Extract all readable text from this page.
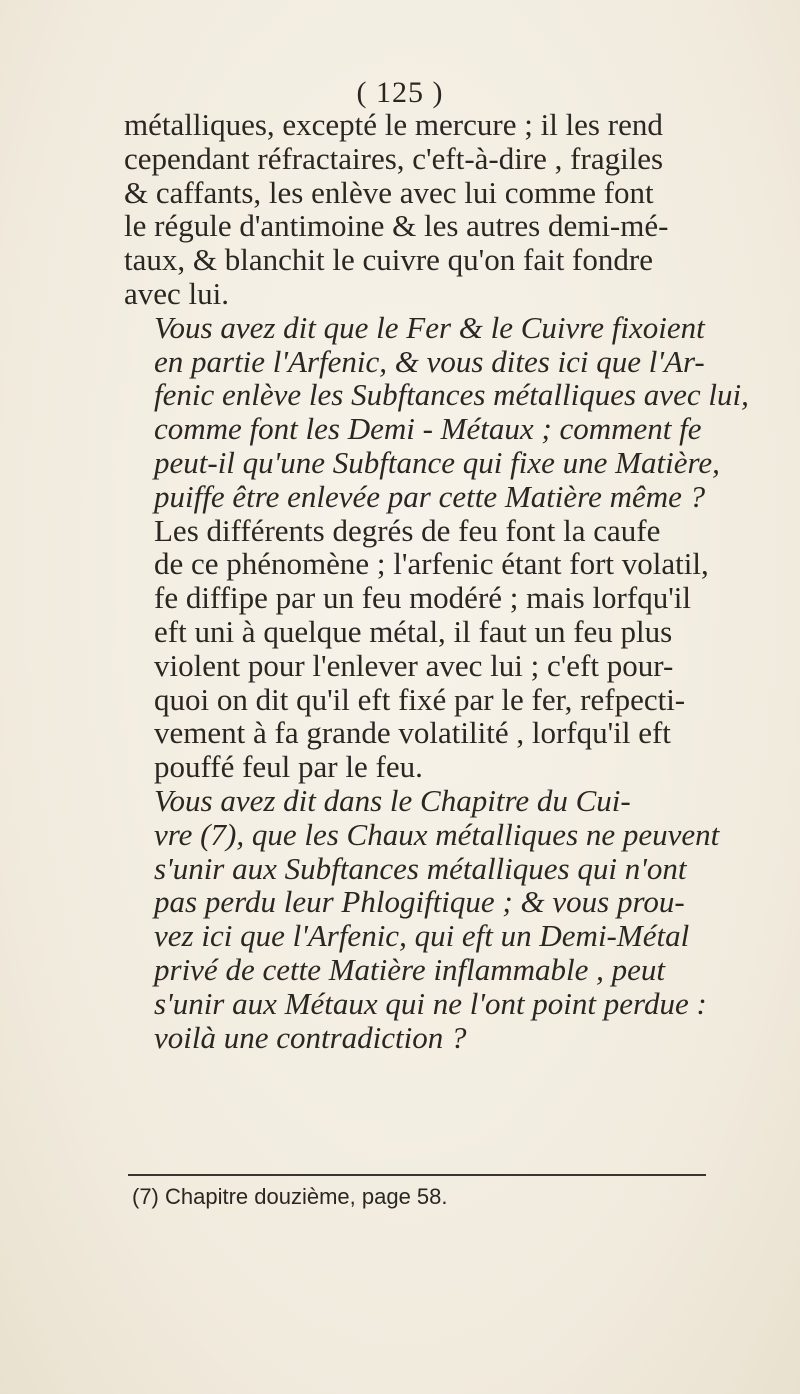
( 125 )

métalliques, excepté le mercure ; il les rend
cependant réfractaires, c'eft-à-dire , fragiles
& caffants, les enlève avec lui comme font
le régule d'antimoine & les autres demi-mé-
taux, & blanchit le cuivre qu'on fait fondre
avec lui.

Vous avez dit que le Fer & le Cuivre fixoient
en partie l'Arfenic, & vous dites ici que l'Ar-
fenic enlève les Subftances métalliques avec lui,
comme font les Demi - Métaux ; comment fe
peut-il qu'une Subftance qui fixe une Matière,
puiffe être enlevée par cette Matière même ?

Les différents degrés de feu font la caufe
de ce phénomène ; l'arfenic étant fort volatil,
fe diffipe par un feu modéré ; mais lorfqu'il
eft uni à quelque métal, il faut un feu plus
violent pour l'enlever avec lui ; c'eft pour-
quoi on dit qu'il eft fixé par le fer, refpecti-
vement à fa grande volatilité , lorfqu'il eft
pouffé feul par le feu.

Vous avez dit dans le Chapitre du Cui-
vre (7), que les Chaux métalliques ne peuvent
s'unir aux Subftances métalliques qui n'ont
pas perdu leur Phlogiftique ; & vous prou-
vez ici que l'Arfenic, qui eft un Demi-Métal
privé de cette Matière inflammable , peut
s'unir aux Métaux qui ne l'ont point perdue :
voilà une contradiction ?

(7) Chapitre douzième, page 58.
